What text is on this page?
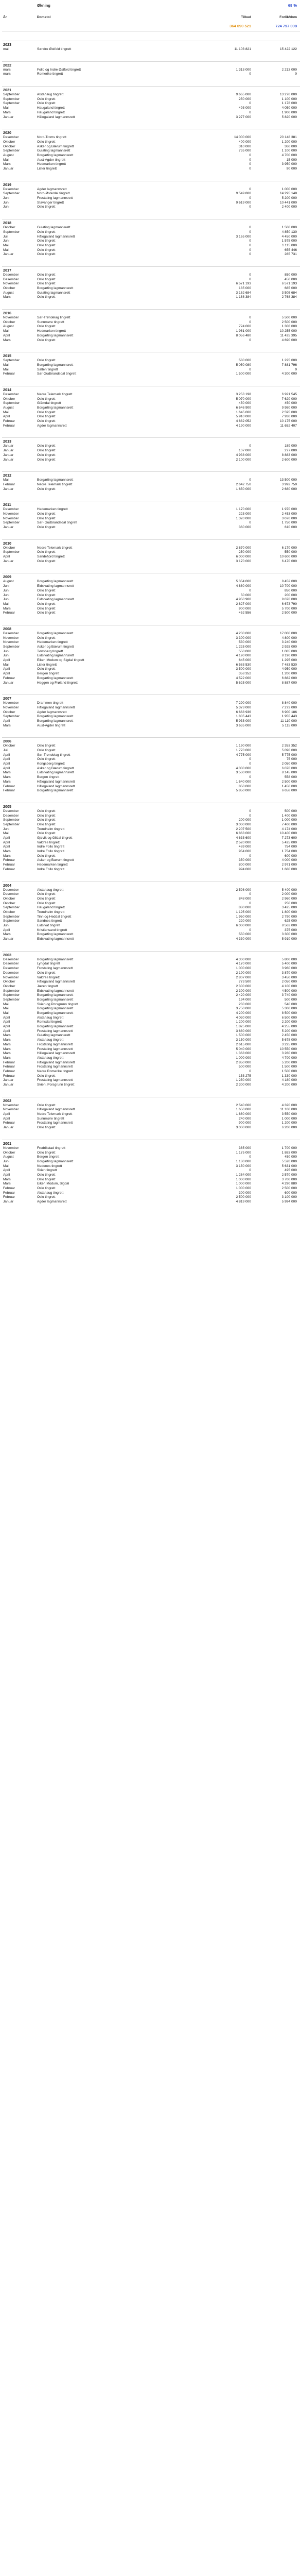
Økning	69 %
År	Domstol	Tilbud	Forlik/dom
364 090 521	724 797 008
2023
mai	Søndre Østfold tingrett	11 103 821	15 422 122
2022
mars	Follo og Indre Østfold tingrett	1 313 000	2 213 000
mars	Romerike tingrett	0	0
2021
September	Alstahaug tingrett	9 665 000	13 270 000
September	Oslo tingrett	250 000	1 100 000
September	Oslo tingrett	0	1 178 000
Mai	Haugaland tingrett	493 000	4 050 000
Mars	Haugaland tingrett	0	1 900 000
Januar	Hålogaland lagmannsrett	3 277 000	5 820 000
2020
Desember	Nord-Troms tingrett	14 000 000	20 148 381
Oktober	Oslo tingrett	400 000	1 200 000
Oktober	Asker og Bærum tingrett	310 000	360 000
September	Gulating lagmannsrett	735 000	1 100 000
August	Borgarting lagmannsrett	0	4 700 000
Mai	Aust-Agder tingrett	0	15 000
Mars	Hedmarken tingrett	0	3 950 000
Januar	Lister tingrett	0	90 000
2019
Desember	Agder lagmannsrett	0	1 000 000
September	Nord-Østerdal tingrett	9 549 800	14 295 148
Juni	Frostating lagmannsrett	0	5 200 000
Juni	Stavanger tingrett	9 619 000	10 441 000
Juni	Oslo tingrett	0	2 400 000
2018
Oktober	Gulating lagmannsrett	0	1 500 000
September	Oslo tingrett	0	4 850 130
Juli	Hålogaland lagmannsrett	3 165 000	4 450 000
Juni	Oslo tingrett	0	1 575 000
Mai	Oslo tingrett	0	1 115 000
Mai	Oslo tingrett	0	655 446
Januar	Oslo tingrett	0	285 731
2017
Desember	Oslo tingrett	0	850 000
Desember	Oslo tingrett	0	450 000
November	Oslo tingrett	6 571 193	6 571 193
Oktober	Borgarting lagmannsrett	185 000	685 000
August	Gulating lagmannsrett	3 162 684	3 505 684
Mars	Oslo tingrett	1 168 384	2 768 384
2016
November	Sør-Trøndelag tingrett	0	5 500 000
Oktober	Sunnmøre tingrett	0	2 500 000
August	Oslo tingrett	724 000	1 306 000
Mai	Hedmarken tingrett	1 961 000	10 255 000
April	Borgarting lagmannsrett	8 056 480	11 425 395
Mars	Oslo tingrett	0	4 690 000
2015
September	Oslo tingrett	580 000	1 225 000
Mai	Borgarting lagmannsrett	5 050 080	7 881 796
Mai	Salten tingrett	0	0
Februar	Sør-Gudbrandsdal tingrett	1 500 000	4 300 000
2014
Desember	Nedre Telemark tingrett	3 253 198	6 921 545
Oktober	Oslo tingrett	5 070 000	7 620 000
September	Glåmdal tingrett	450 000	450 000
August	Borgarting lagmannsrett	6 646 900	9 980 000
Mai	Oslo tingrett	1 645 000	2 595 000
April	Oslo tingrett	5 910 000	7 930 000
Februar	Oslo tingrett	4 882 052	10 175 000
Februar	Agder lagmannsrett	4 190 000	11 652 407
2013
Januar	Oslo tingrett	0	189 000
Januar	Oslo tingrett	107 000	277 000
Januar	Oslo tingrett	4 938 000	8 883 000
Januar	Oslo tingrett	2 100 000	2 600 000
2012
Mai	Borgarting lagmannsrett	0	13 500 000
Februar	Nedre Telemark tingrett	2 642 750	3 992 750
Januar	Oslo tingrett	1 650 000	2 680 000
2011
Desember	Hedemarken tingrett	1 170 000	1 970 000
November	Oslo tingrett	223 000	2 453 000
November	Oslo tingrett	1 320 000	3 070 000
September	Sør- Gudbrandsdal tingrett	0	1 750 000
Januar	Oslo tingrett	360 000	610 000
2010
Oktober	Nedre Telemark tingrett	2 870 000	6 170 000
September	Oslo tingrett	250 000	550 000
April	Sandefjord tingrett	6 000 000	10 600 000
Januar	Oslo tingrett	3 170 000	6 470 000
2009
August	Borgarting lagmannsrett	5 354 000	8 452 000
Juni	Eidsivating lagmannsrett	4 880 000	10 700 000
Juni	Oslo tingrett	0	850 000
Juni	Oslo tingrett	50 000	200 000
Juni	Eidsivating lagmannsrett	4 950 900	9 070 000
Mai	Oslo tingrett	2 827 000	6 673 790
Mars	Oslo tingrett	900 000	5 700 000
Februar	Oslo tingrett	452 556	2 500 000
2008
Desember	Borgarting lagmannsrett	4 200 000	17 000 000
November	Oslo tingrett	3 300 000	4 800 000
November	Hedemarken tingrett	530 000	3 240 000
September	Asker og Bærum tingrett	1 225 000	2 925 000
Juni	Tønsberg tingrett	550 000	1 085 000
Juni	Eidsivating lagmannsrett	4 190 000	8 190 000
April	Eiker, Modum og Sigdal tingrett	645 000	1 295 000
Mai	Lister tingrett	6 583 530	7 483 530
April	Oslo tingrett	3 500 000	4 950 000
April	Bergen tingrett	358 352	1 200 000
Februar	Borgarting lagmannsrett	4 522 000	6 882 000
Januar	Heggen og Frøland tingrett	5 625 000	8 887 000
2007
November	Drammen tingrett	7 290 000	8 840 000
November	Hålogaland lagmannsrett	5 373 000	7 273 000
Oktober	Agder lagmannsrett	6 668 936	6 900 186
September	Borgarting lagmannsrett	1 805 443	1 955 443
April	Borgarting lagmannsrett	5 933 000	11 110 000
Mars	Aust-Agder tingrett	3 635 000	5 115 000
2006
Oktober	Oslo tingrett	1 190 000	2 353 352
Juli	Oslo tingrett	1 770 000	5 090 000
April	Sør-Trøndelag tingrett	4 775 000	5 775 000
April	Oslo tingrett	0	75 000
April	Kongsberg tingrett	0	2 050 000
April	Asker og Bærum tingrett	4 000 000	6 070 000
Mars	Eidsivating lagmannsrett	3 530 000	8 145 000
Mars	Bergen tingrett	0	558 000
Mars	Hålogaland lagmannsrett	1 640 000	2 500 000
Februar	Hålogaland lagmannsrett	850 000	1 450 000
Februar	Borgarting lagmannsrett	5 850 000	6 658 000
2005
Desember	Oslo tingrett	0	500 000
Desember	Oslo tingrett	0	1 400 000
September	Oslo tingrett	200 000	1 000 000
September	Oslo tingrett	3 000 000	7 400 000
Juni	Trondheim tingrett	2 207 500	4 174 000
Mai	Oslo tingrett	6 863 000	10 400 000
April	Gjøvik og Gildal tingrett	4 633 600	7 273 600
April	Valdres tingrett	2 520 000	5 425 000
April	Indre Follo tingrett	489 000	754 000
Mars	Indre Follo tingrett	954 000	1 754 000
Mars	Oslo tingrett	0	600 000
Februar	Asker og Bærum tingrett	350 000	4 000 000
Februar	Hedemarken tingrett	800 000	2 971 000
Februar	Indre Follo tingrett	994 000	1 680 000
2004
Desember	Alstahaug tingrett	2 598 000	5 400 000
Desember	Oslo tingrett	0	2 000 000
Oktober	Oslo tingrett	848 000	2 960 000
Oktober	Oslo tingrett	0	250 000
September	Haugaland tingrett	880 000	3 425 000
Oktober	Trondheim tingrett	1 195 000	1 800 000
September	Tinn og Heddal tingrett	1 950 000	2 790 000
September	Sandnes tingrett	220 000	625 000
Juni	Eidsivat tingrett	6 000 000	8 563 000
April	Kristiansand tingrett	0	375 000
Mars	Borgarting lagmannsrett	550 000	3 300 000
Januar	Eidsivating lagmannsrett	4 330 000	5 910 000
2003
Desember	Borgarting lagmannsrett	4 300 000	5 800 000
Desember	Lyngdal tingrett	4 170 000	5 400 000
Desember	Frostating lagmannsrett	1 000 000	3 960 000
Desember	Oslo tingrett	2 190 000	3 870 000
November	Valdres tingrett	2 807 000	3 450 000
Oktober	Hålogaland lagmannsrett	773 500	2 050 000
Oktober	Jæren tingrett	2 300 000	4 100 000
September	Eidsivating lagmannsrett	2 300 000	4 500 000
September	Borgarting lagmannsrett	2 420 000	3 740 000
September	Borgarting lagmannsrett	194 000	500 000
Mai	Skien og Porsgrunn tingrett	230 000	540 000
Mai	Borgarting lagmannsrett	3 750 000	5 300 000
Mai	Borgarting lagmannsrett	4 200 000	8 500 000
April	Alstahaug tingrett	4 030 000	6 500 000
April	Romsdal tingrett	1 200 000	2 200 000
April	Borgarting lagmannsrett	1 825 000	4 255 000
April	Frostating lagmannsrett	3 680 000	5 200 000
Mars	Gulating lagmannsrett	1 500 000	2 450 000
Mars	Alstahaug tingrett	3 150 000	5 678 000
Mars	Frostating lagmannsrett	2 615 000	3 225 000
Mars	Frostating lagmannsrett	5 040 000	10 550 000
Mars	Hålogaland lagmannsrett	1 368 000	3 280 000
Mars	Alstahaug tingrett	1 000 000	4 700 000
Februar	Hålogaland lagmannsrett	2 850 000	5 200 000
Februar	Frostating lagmannsrett	500 000	1 500 000
Februar	Nedre Romerike tingrett	0	1 500 000
Februar	Oslo tingrett	153 275	1 330 000
Januar	Frostating lagmannsrett	1 250 000	4 180 000
Januar	Skien, Porsgrunn tingrett	2 300 000	4 200 000
2002
November	Oslo tingrett	2 540 000	4 320 000
November	Hålogaland lagmannsrett	1 650 000	11 100 000
April	Nedre Telemark tingrett	1 860 000	3 550 000
April	Sunnmøre tingrett	240 000	1 000 000
Februar	Frostating lagmannsrett	900 000	1 200 000
Januar	Oslo tingrett	3 000 000	6 200 000
2001
November	Fredrikstad tingrett	365 000	1 700 000
Oktober	Oslo tingrett	1 175 000	1 883 000
August	Bergen tingrett	0	450 000
Juni	Borgarting lagmannsrett	1 180 000	5 520 000
Mai	Nedenes tingrett	3 150 000	5 631 000
April	Skien tingrett	0	495 000
April	Oslo tingrett	1 264 000	2 570 000
Mars	Oslo tingrett	1 000 000	3 700 000
Mars	Eiker, Modum, Sigdal	1 000 000	4 290 880
Februar	Oslo tingrett	1 000 000	2 500 000
Februar	Alstahaug tingrett	300 000	600 000
Februar	Oslo tingrett	2 500 000	3 100 000
Januar	Agder lagmannsrett	4 819 000	5 994 000
